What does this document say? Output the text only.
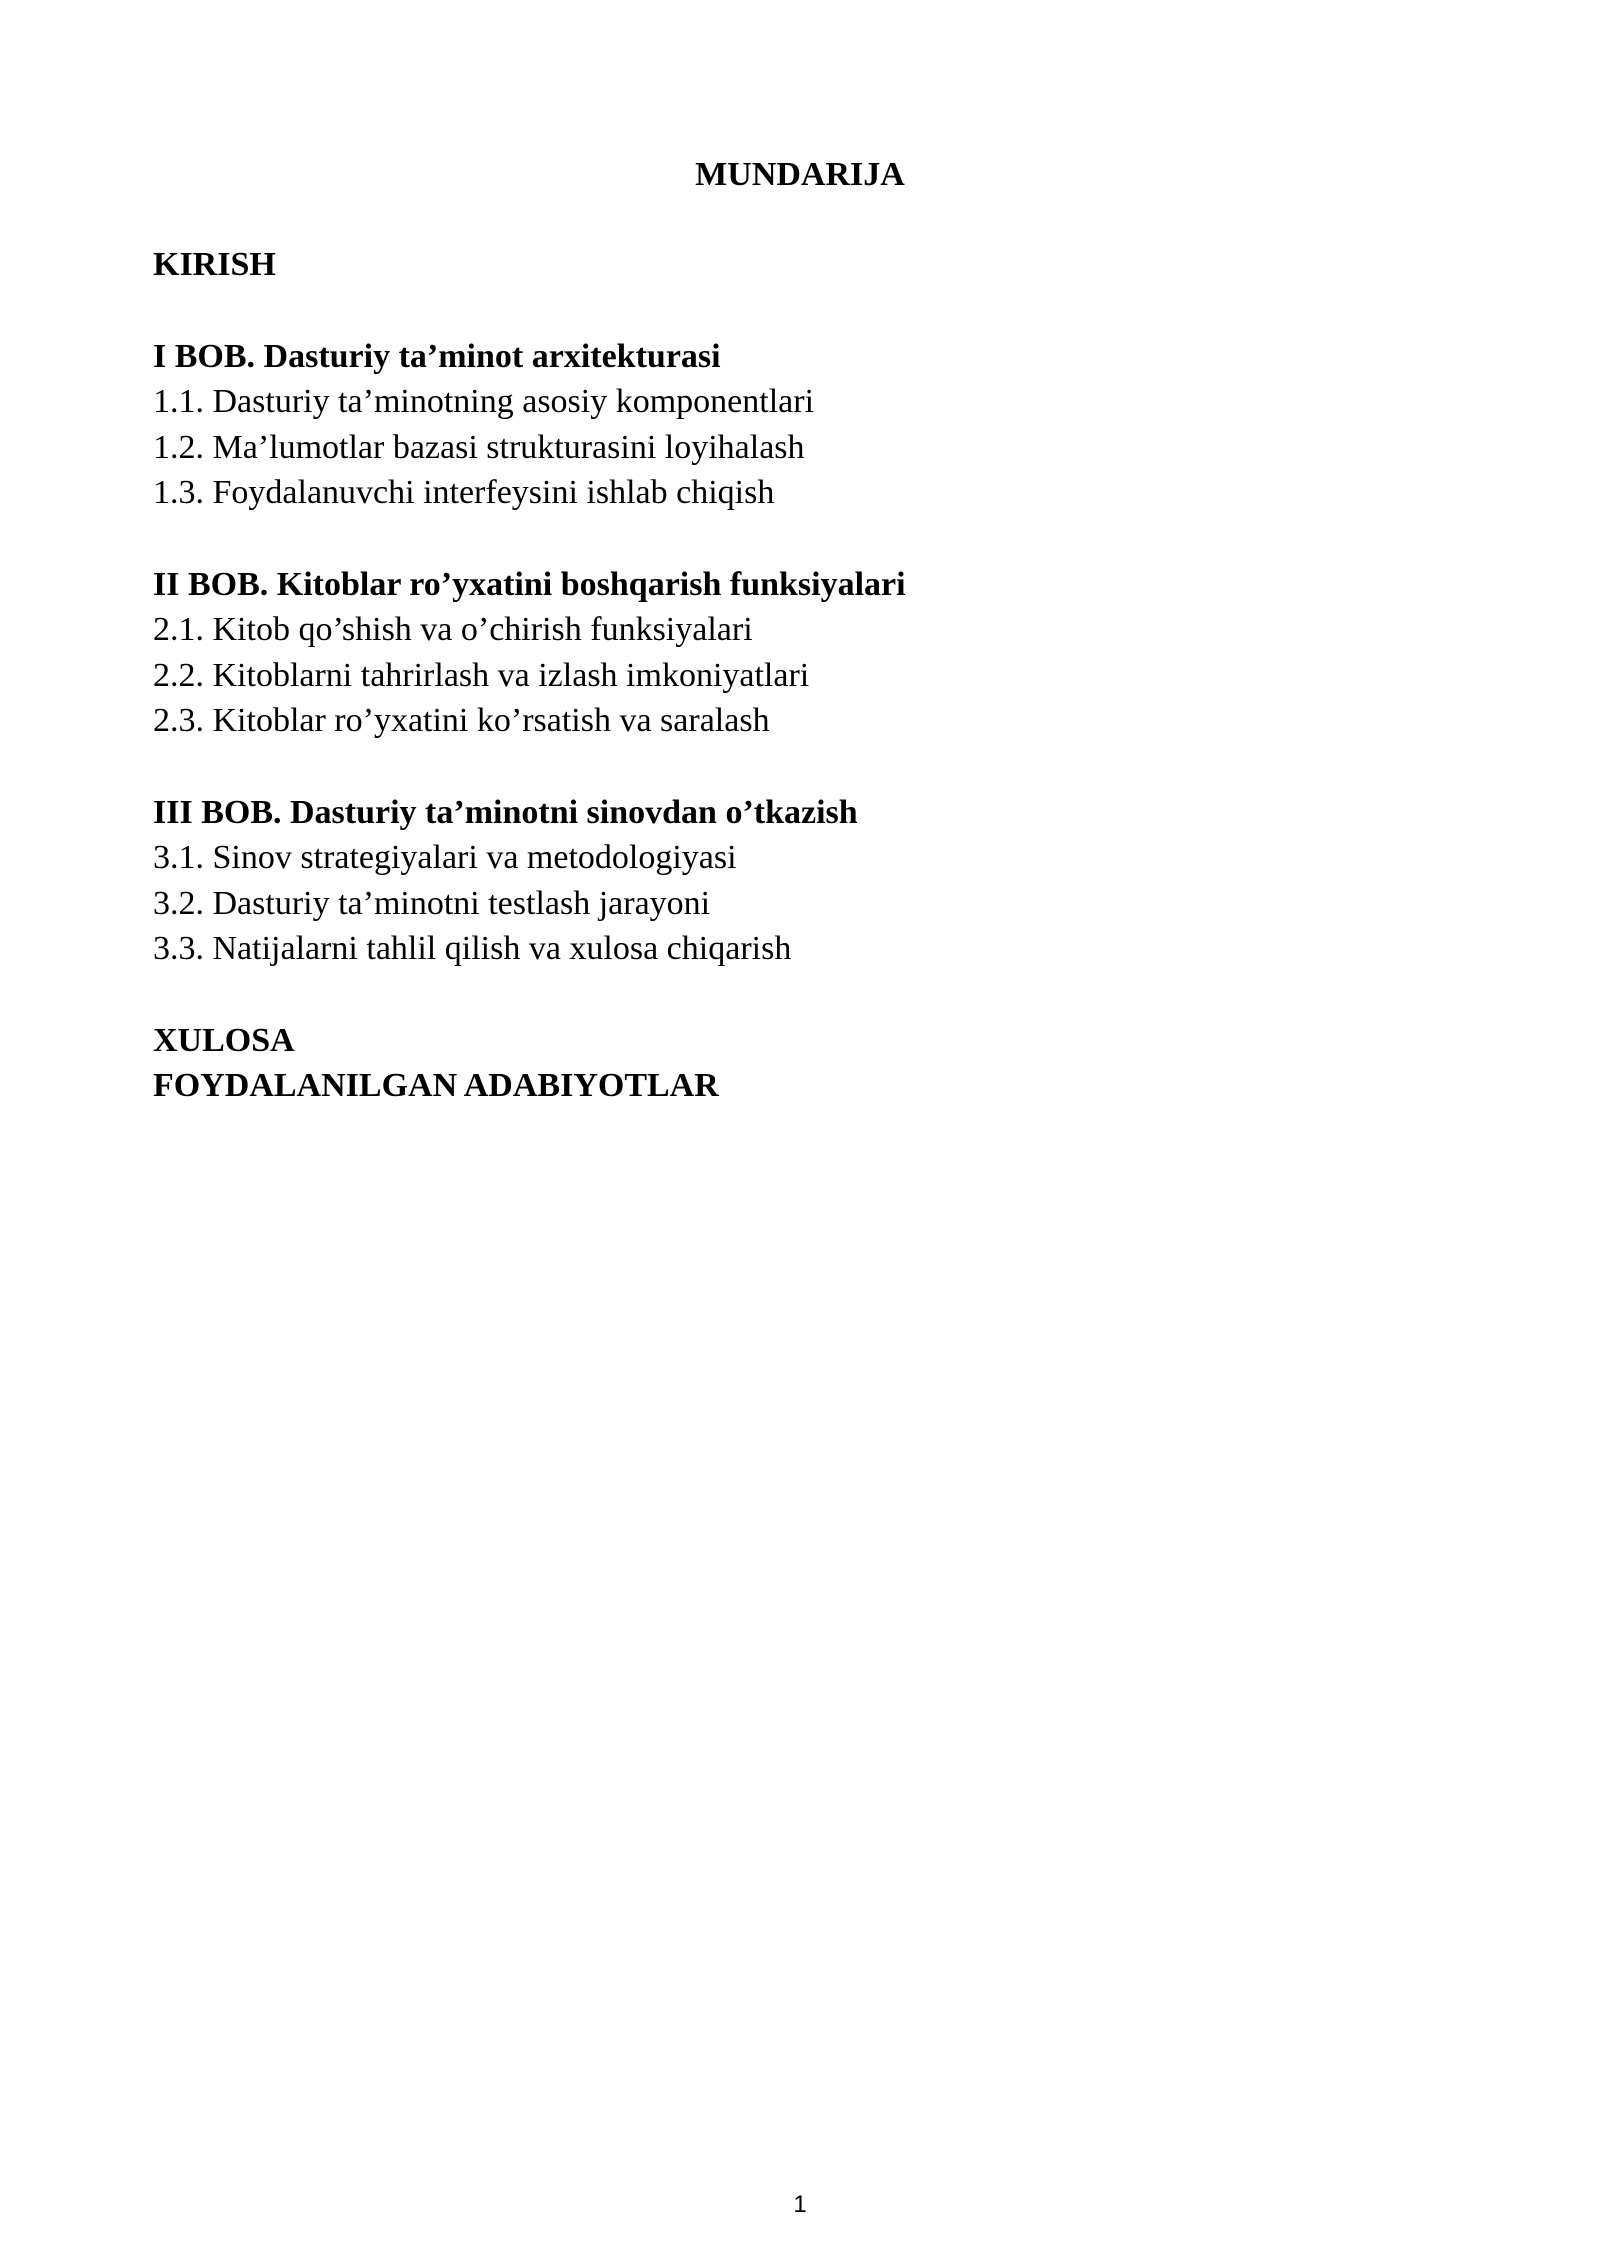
MUNDARIJA

KIRISH

I BOB. Dasturiy ta’minot arxitekturasi

1.1. Dasturiy ta’minotning asosiy komponentlari

1.2. Ma’lumotlar bazasi strukturasini loyihalash

1.3. Foydalanuvchi interfeysini ishlab chiqish

II BOB. Kitoblar ro’yxatini boshqarish funksiyalari

2.1. Kitob qo’shish va o’chirish funksiyalari

2.2. Kitoblarni tahrirlash va izlash imkoniyatlari

2.3. Kitoblar ro’yxatini ko’rsatish va saralash

III BOB. Dasturiy ta’minotni sinovdan o’tkazish

3.1. Sinov strategiyalari va metodologiyasi

3.2. Dasturiy ta’minotni testlash jarayoni

3.3. Natijalarni tahlil qilish va xulosa chiqarish

XULOSA

FOYDALANILGAN ADABIYOTLAR

1
